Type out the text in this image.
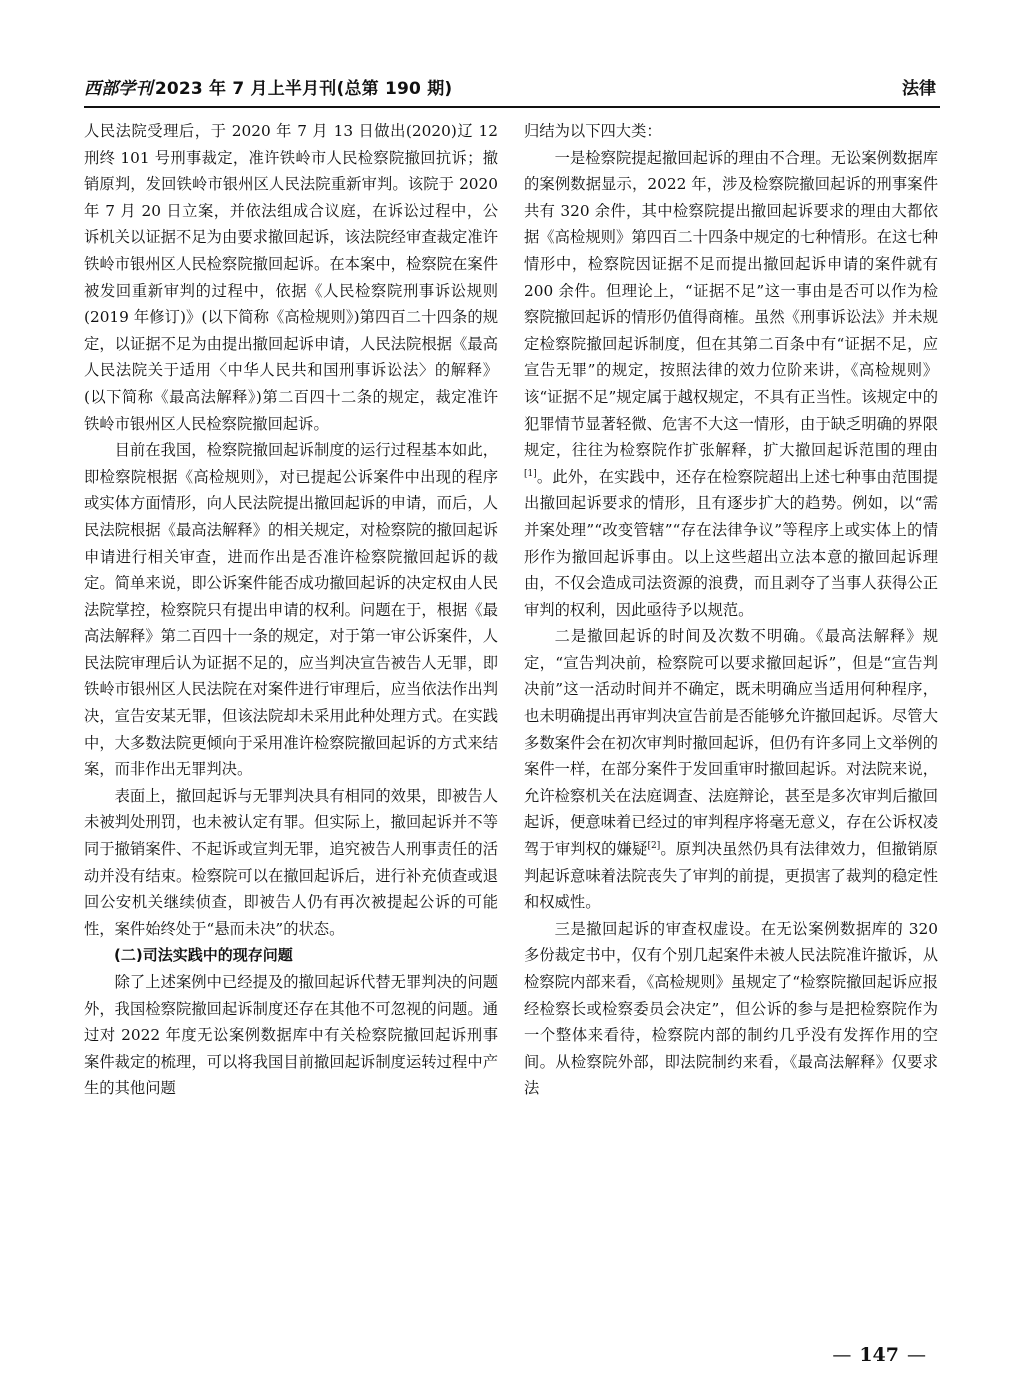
西部学刊 2023 年 7 月上半月刊(总第 190 期)	法律

人民法院受理后，于 2020 年 7 月 13 日做出(2020)辽 12 刑终 101 号刑事裁定，准许铁岭市人民检察院撤回抗诉；撤销原判，发回铁岭市银州区人民法院重新审判。该院于 2020 年 7 月 20 日立案，并依法组成合议庭，在诉讼过程中，公诉机关以证据不足为由要求撤回起诉，该法院经审查裁定准许铁岭市银州区人民检察院撤回起诉。在本案中，检察院在案件被发回重新审判的过程中，依据《人民检察院刑事诉讼规则(2019 年修订)》(以下简称《高检规则》)第四百二十四条的规定，以证据不足为由提出撤回起诉申请，人民法院根据《最高人民法院关于适用〈中华人民共和国刑事诉讼法〉的解释》(以下简称《最高法解释》)第二百四十二条的规定，裁定准许铁岭市银州区人民检察院撤回起诉。

目前在我国，检察院撤回起诉制度的运行过程基本如此，即检察院根据《高检规则》，对已提起公诉案件中出现的程序或实体方面情形，向人民法院提出撤回起诉的申请，而后，人民法院根据《最高法解释》的相关规定，对检察院的撤回起诉申请进行相关审查，进而作出是否准许检察院撤回起诉的裁定。简单来说，即公诉案件能否成功撤回起诉的决定权由人民法院掌控，检察院只有提出申请的权利。问题在于，根据《最高法解释》第二百四十一条的规定，对于第一审公诉案件，人民法院审理后认为证据不足的，应当判决宣告被告人无罪，即铁岭市银州区人民法院在对案件进行审理后，应当依法作出判决，宣告安某无罪，但该法院却未采用此种处理方式。在实践中，大多数法院更倾向于采用准许检察院撤回起诉的方式来结案，而非作出无罪判决。

表面上，撤回起诉与无罪判决具有相同的效果，即被告人未被判处刑罚，也未被认定有罪。但实际上，撤回起诉并不等同于撤销案件、不起诉或宣判无罪，追究被告人刑事责任的活动并没有结束。检察院可以在撤回起诉后，进行补充侦查或退回公安机关继续侦查，即被告人仍有再次被提起公诉的可能性，案件始终处于“悬而未决”的状态。

(二)司法实践中的现存问题

除了上述案例中已经提及的撤回起诉代替无罪判决的问题外，我国检察院撤回起诉制度还存在其他不可忽视的问题。通过对 2022 年度无讼案例数据库中有关检察院撤回起诉刑事案件裁定的梳理，可以将我国目前撤回起诉制度运转过程中产生的其他问题

归结为以下四大类：

一是检察院提起撤回起诉的理由不合理。无讼案例数据库的案例数据显示，2022 年，涉及检察院撤回起诉的刑事案件共有 320 余件，其中检察院提出撤回起诉要求的理由大都依据《高检规则》第四百二十四条中规定的七种情形。在这七种情形中，检察院因证据不足而提出撤回起诉申请的案件就有 200 余件。但理论上，“证据不足”这一事由是否可以作为检察院撤回起诉的情形仍值得商榷。虽然《刑事诉讼法》并未规定检察院撤回起诉制度，但在其第二百条中有“证据不足，应宣告无罪”的规定，按照法律的效力位阶来讲，《高检规则》该“证据不足”规定属于越权规定，不具有正当性。该规定中的犯罪情节显著轻微、危害不大这一情形，由于缺乏明确的界限规定，往往为检察院作扩张解释，扩大撤回起诉范围的理由[1]。此外，在实践中，还存在检察院超出上述七种事由范围提出撤回起诉要求的情形，且有逐步扩大的趋势。例如，以“需并案处理”“改变管辖”“存在法律争议”等程序上或实体上的情形作为撤回起诉事由。以上这些超出立法本意的撤回起诉理由，不仅会造成司法资源的浪费，而且剥夺了当事人获得公正审判的权利，因此亟待予以规范。

二是撤回起诉的时间及次数不明确。《最高法解释》规定，“宣告判决前，检察院可以要求撤回起诉”，但是“宣告判决前”这一活动时间并不确定，既未明确应当适用何种程序，也未明确提出再审判决宣告前是否能够允许撤回起诉。尽管大多数案件会在初次审判时撤回起诉，但仍有许多同上文举例的案件一样，在部分案件于发回重审时撤回起诉。对法院来说，允许检察机关在法庭调查、法庭辩论，甚至是多次审判后撤回起诉，便意味着已经过的审判程序将毫无意义，存在公诉权凌驾于审判权的嫌疑[2]。原判决虽然仍具有法律效力，但撤销原判起诉意味着法院丧失了审判的前提，更损害了裁判的稳定性和权威性。

三是撤回起诉的审查权虚设。在无讼案例数据库的 320 多份裁定书中，仅有个别几起案件未被人民法院准许撤诉，从检察院内部来看，《高检规则》虽规定了“检察院撤回起诉应报经检察长或检察委员会决定”，但公诉的参与是把检察院作为一个整体来看待，检察院内部的制约几乎没有发挥作用的空间。从检察院外部，即法院制约来看，《最高法解释》仅要求法

— 147 —
